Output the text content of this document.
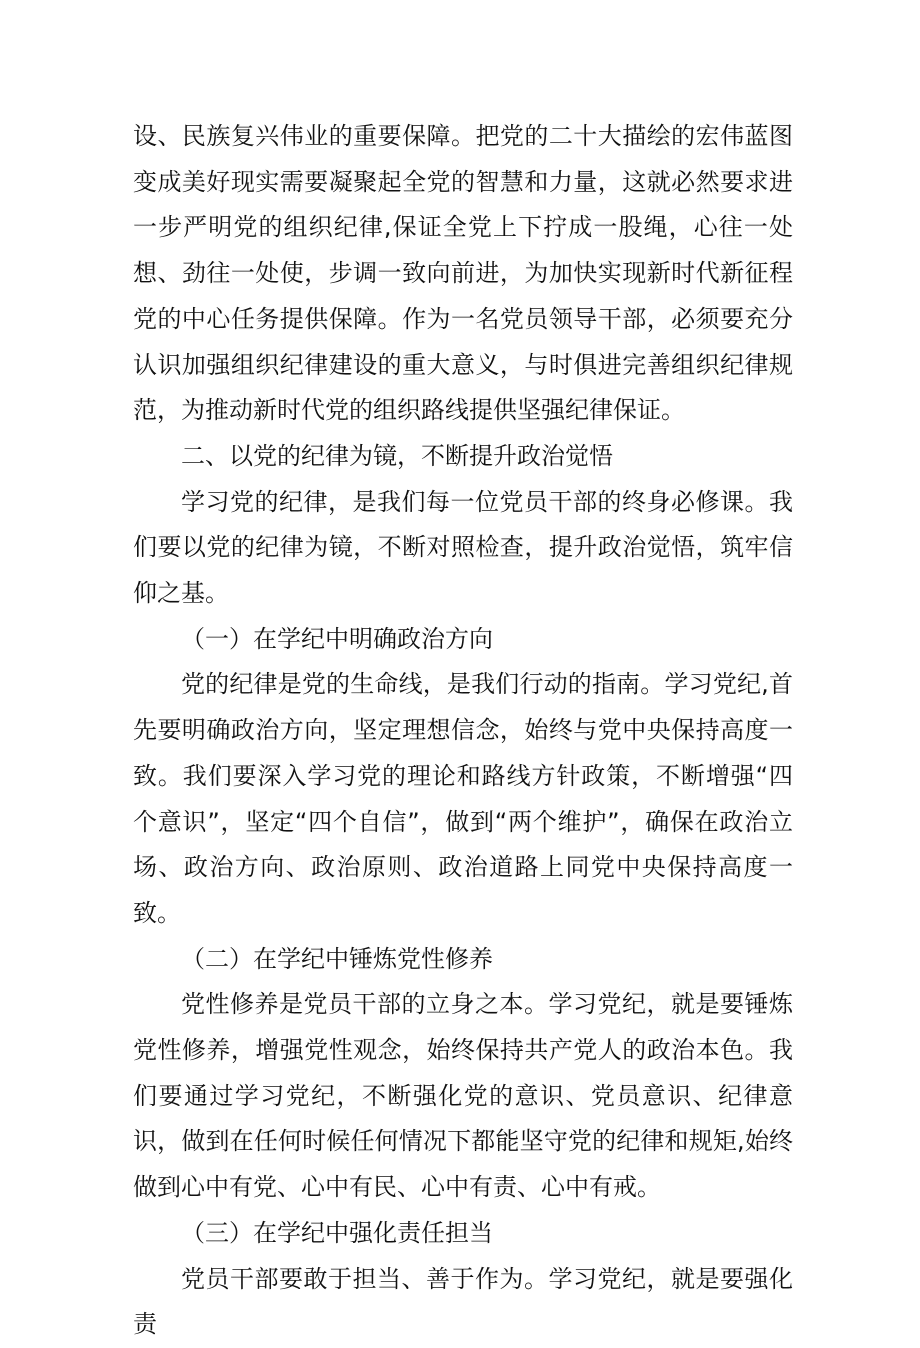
设、民族复兴伟业的重要保障。把党的二十大描绘的宏伟蓝图变成美好现实需要凝聚起全党的智慧和力量，这就必然要求进一步严明党的组织纪律,保证全党上下拧成一股绳，心往一处想、劲往一处使，步调一致向前进，为加快实现新时代新征程党的中心任务提供保障。作为一名党员领导干部，必须要充分认识加强组织纪律建设的重大意义，与时俱进完善组织纪律规范，为推动新时代党的组织路线提供坚强纪律保证。

二、以党的纪律为镜，不断提升政治觉悟

学习党的纪律，是我们每一位党员干部的终身必修课。我们要以党的纪律为镜，不断对照检查，提升政治觉悟，筑牢信仰之基。

（一）在学纪中明确政治方向

党的纪律是党的生命线，是我们行动的指南。学习党纪,首先要明确政治方向，坚定理想信念，始终与党中央保持高度一致。我们要深入学习党的理论和路线方针政策，不断增强“四个意识”，坚定“四个自信”，做到“两个维护”，确保在政治立场、政治方向、政治原则、政治道路上同党中央保持高度一致。

（二）在学纪中锤炼党性修养

党性修养是党员干部的立身之本。学习党纪，就是要锤炼党性修养，增强党性观念，始终保持共产党人的政治本色。我们要通过学习党纪，不断强化党的意识、党员意识、纪律意识，做到在任何时候任何情况下都能坚守党的纪律和规矩,始终做到心中有党、心中有民、心中有责、心中有戒。

（三）在学纪中强化责任担当

党员干部要敢于担当、善于作为。学习党纪，就是要强化责
